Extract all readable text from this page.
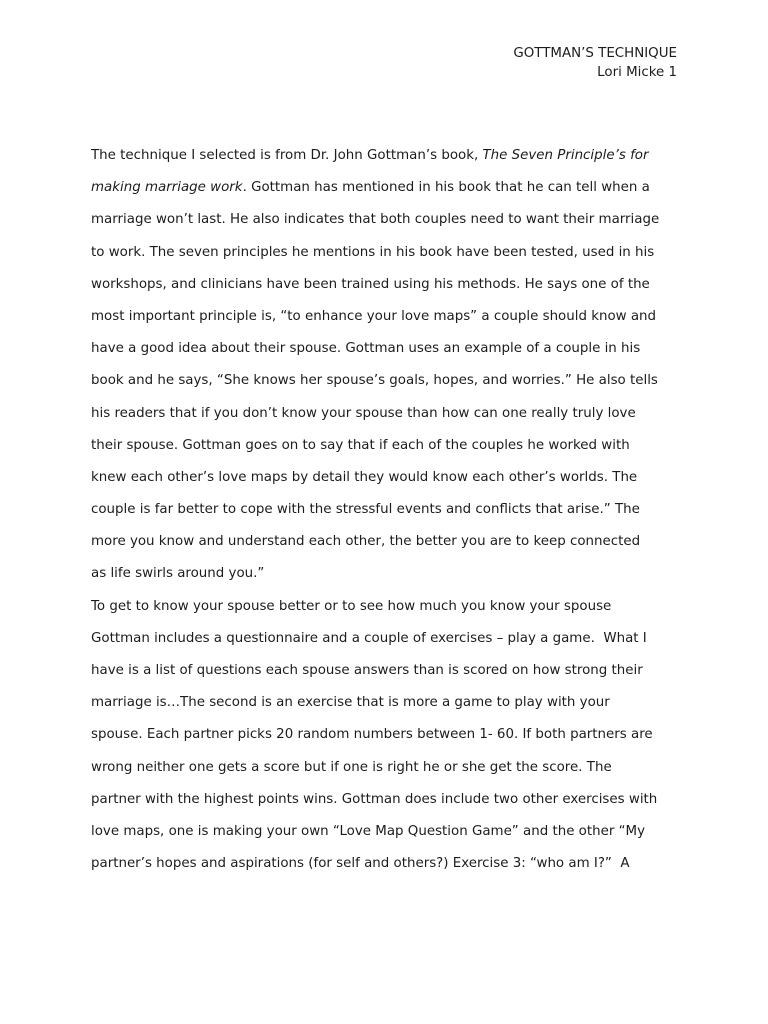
GOTTMAN’S TECHNIQUE
Lori Micke 1
The technique I selected is from Dr. John Gottman’s book, The Seven Principle’s for
making marriage work. Gottman has mentioned in his book that he can tell when a
marriage won’t last. He also indicates that both couples need to want their marriage
to work. The seven principles he mentions in his book have been tested, used in his
workshops, and clinicians have been trained using his methods. He says one of the
most important principle is, “to enhance your love maps” a couple should know and
have a good idea about their spouse. Gottman uses an example of a couple in his
book and he says, “She knows her spouse’s goals, hopes, and worries.” He also tells
his readers that if you don’t know your spouse than how can one really truly love
their spouse. Gottman goes on to say that if each of the couples he worked with
knew each other’s love maps by detail they would know each other’s worlds. The
couple is far better to cope with the stressful events and conflicts that arise.” The
more you know and understand each other, the better you are to keep connected
as life swirls around you.”
To get to know your spouse better or to see how much you know your spouse
Gottman includes a questionnaire and a couple of exercises – play a game.  What I
have is a list of questions each spouse answers than is scored on how strong their
marriage is…The second is an exercise that is more a game to play with your
spouse. Each partner picks 20 random numbers between 1- 60. If both partners are
wrong neither one gets a score but if one is right he or she get the score. The
partner with the highest points wins. Gottman does include two other exercises with
love maps, one is making your own “Love Map Question Game” and the other “My
partner’s hopes and aspirations (for self and others?) Exercise 3: “who am I?”  A
